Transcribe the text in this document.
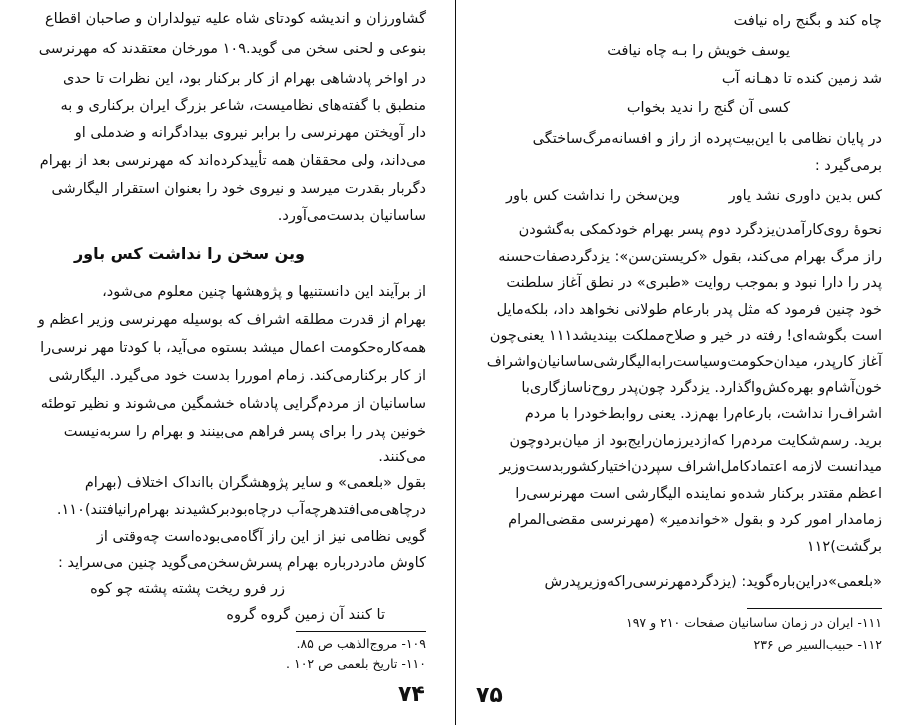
گشاورزان و اندیشه کودتای شاه علیه تیولداران و صاحبان اقطاع
بنوعی و لحنی سخن می گوید.۱۰۹ مورخان معتقدند که مهرنرسی
در اواخر پادشاهی بهرام از کار برکنار بود، این نظرات تا حدی
منطبق با گفته‌های نظامیست، شاعر بزرگ ایران برکناری و به
دار آویختن مهرنرسی را برابر نیروی بیدادگرانه و ضدملی او
می‌داند، ولی محققان همه تأییدکرده‌اند که مهرنرسی بعد از بهرام
دگربار بقدرت میرسد و نیروی خود را بعنوان استقرار الیگارشی
ساسانیان بدست‌می‌آورد.
وین سخن را نداشت کس باور
از برآیند این دانستنیها و پژوهشها چنین معلوم می‌شود،
بهرام از قدرت مطلقه اشراف که بوسیله مهرنرسی وزیر اعظم و
همه‌کاره‌حکومت اعمال میشد بستوه می‌آید، با کودتا مهر نرسی‌را
از کار برکنارمی‌کند. زمام اموررا بدست خود می‌گیرد. الیگارشی
ساسانیان از مردم‌گرایی پادشاه خشمگین می‌شوند و نظیر توطئه
خونین پدر را برای پسر فراهم می‌بینند و بهرام را سربه‌نیست
می‌کنند.
بقول «بلعمی» و سایر پژوهشگران باانداک اختلاف (بهرام
درچاهی‌می‌افتدهرچه‌آب درچاه‌بودبرکشیدند بهرام‌رانیافتند)۱۱۰.
گویی نظامی نیز از این راز آگاه‌می‌بوده‌است چه‌وقتی از
کاوش مادردرباره بهرام پسرش‌سخن‌می‌گوید چنین می‌سراید :
زر فرو ریخت پشته پشته چو کوه
تا کنند آن زمین گروه گروه
۱۰۹- مروج‌الذهب ص ۸۵.
۱۱۰- تاریخ بلعمی ص ۱۰۲ .
۷۴
چاه کند و بگنج راه نیافت
یوسف خویش را بـه چاه نیافت
شد زمین کنده تا دهـانه آب
کسی آن گنج را ندید بخواب
در پایان نظامی با این‌بیت‌پرده از راز و افسانه‌مرگ‌ساختگی
برمی‌گیرد :
کس بدین داوری نشد یاور
وین‌سخن را نداشت کس باور
نحوهٔ روی‌کارآمدن‌یزدگرد دوم پسر بهرام خودکمکی به‌گشودن
راز مرگ بهرام می‌کند، بقول «کریستن‌سن»: یزدگرد‌صفات‌حسنه
پدر را دارا نبود و بموجب روایت «طبری» در نطق آغاز سلطنت
خود چنین فرمود که مثل پدر بارعام طولانی نخواهد داد، بلکه‌مایل
است بگوشه‌ای! رفته در خیر و صلاح‌مملکت بیندیشد۱۱۱ یعنی‌چون
آغاز کارپدر، میدان‌حکومت‌وسیاست‌را‌به‌الیگارشی‌ساسانیان‌واشراف
خون‌آشام‌و بهره‌کش‌واگذارد. یزدگرد چون‌پدر روح‌ناسازگاری‌با
اشراف‌را نداشت، بارعام‌را بهم‌زد. یعنی روابط‌خودرا با مردم
برید. رسم‌شکایت مردم‌را که‌از‌دیر‌زمان‌رایج‌بود از میان‌برد‌و‌چون
میدانست لازمه اعتمادکامل‌اشراف سپردن‌اختیار‌کشوربدست‌وزیر
اعظم مقتدر برکنار شده‌و نماینده الیگارشی است مهرنرسی‌را
زمامدار امور کرد و بقول «خواندمیر» (مهرنرسی مقضی‌المرام
برگشت)۱۱۲
«بلعمی»‌درا‌ین‌باره‌گوید: (یزدگرد‌مهرنرسی‌را‌که‌وزیر‌پدرش
۱۱۱- ایران در زمان ساسانیان صفحات ۲۱۰ و ۱۹۷
۱۱۲- حبیب‌السیر ص ۲۳۶
۷۵
